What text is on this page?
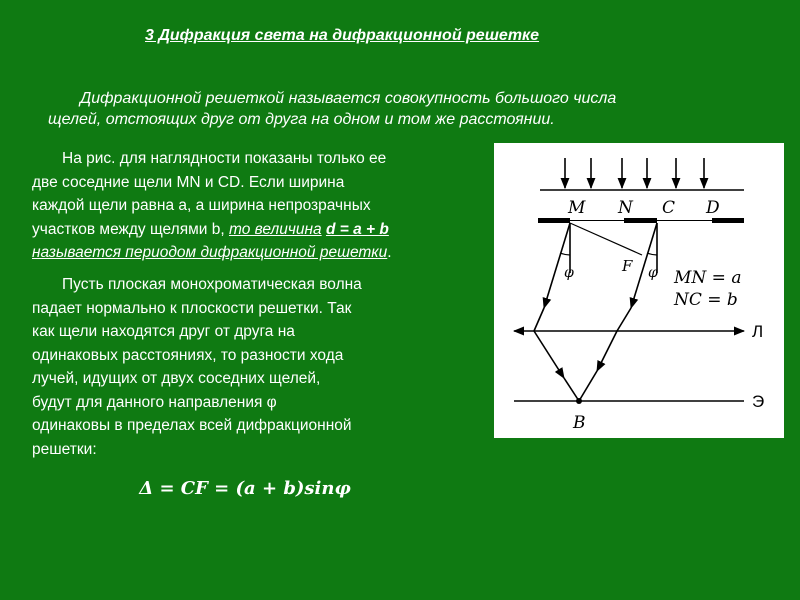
3 Дифракция света на дифракционной решетке
Дифракционной решеткой называется совокупность большого числа
щелей, отстоящих друг от друга на одном и том же расстоянии.
На рис. для наглядности показаны только ее
две соседние щели MN и CD. Если ширина
каждой щели равна a, а ширина непрозрачных
участков между щелями b, то величина d = a + b
называется периодом дифракционной решетки.
Пусть плоская монохроматическая волна
падает нормально к плоскости решетки. Так
как щели находятся друг от друга на
одинаковых расстояниях, то разности хода
лучей, идущих от двух соседних щелей,
будут для данного направления φ
одинаковы в пределах всей дифракционной
решетки:
Δ = CF = (a + b)sinφ
M N C D
F
φ	φ MN = a
NC = b
B
Л
Э
